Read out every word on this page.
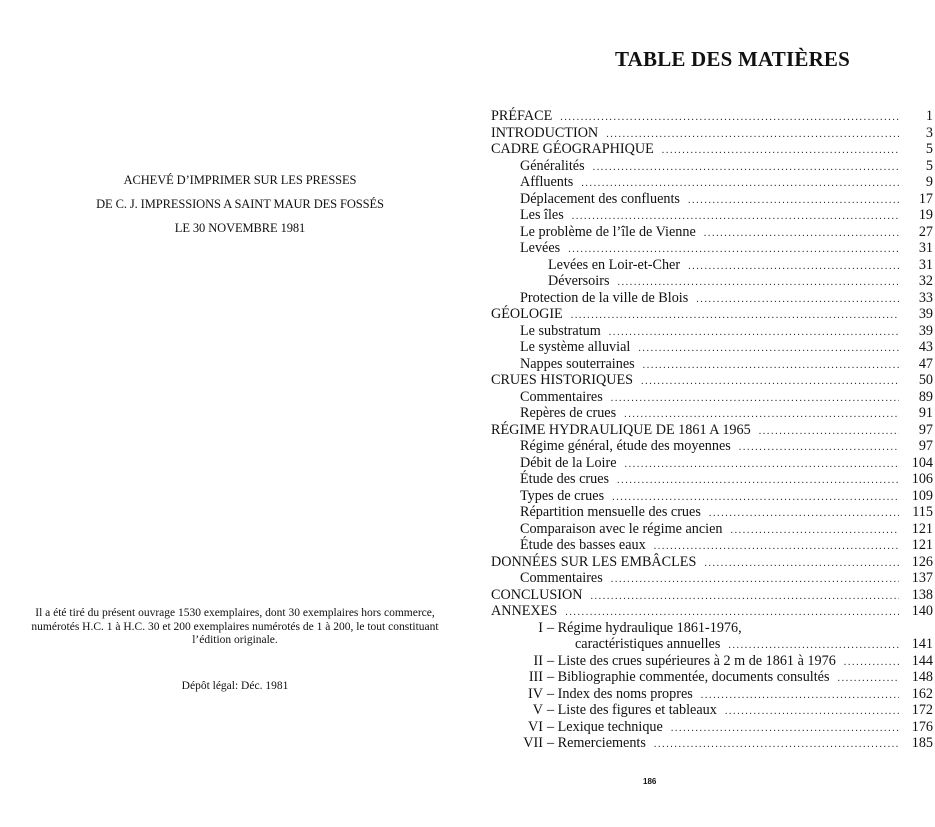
ACHEVÉ D’IMPRIMER SUR LES PRESSES
DE C. J. IMPRESSIONS A SAINT MAUR DES FOSSÉS
LE 30 NOVEMBRE 1981
Il a été tiré du présent ouvrage 1530 exemplaires, dont 30 exemplaires hors commerce,
numérotés H.C. 1 à H.C. 30 et 200 exemplaires numérotés de 1 à 200, le tout constituant
l’édition originale.
Dépôt légal: Déc. 1981
TABLE DES MATIÈRES
PRÉFACE .....	1
INTRODUCTION .....	3
CADRE GÉOGRAPHIQUE .....	5
Généralités .....	5
Affluents .....	9
Déplacement des confluents .....	17
Les îles .....	19
Le problème de l’île de Vienne .....	27
Levées .....	31
Levées en Loir-et-Cher .....	31
Déversoirs .....	32
Protection de la ville de Blois .....	33
GÉOLOGIE .....	39
Le substratum .....	39
Le système alluvial .....	43
Nappes souterraines .....	47
CRUES HISTORIQUES .....	50
Commentaires .....	89
Repères de crues .....	91
RÉGIME HYDRAULIQUE DE 1861 A 1965 .....	97
Régime général, étude des moyennes .....	97
Débit de la Loire .....	104
Étude des crues .....	106
Types de crues .....	109
Répartition mensuelle des crues .....	115
Comparaison avec le régime ancien .....	121
Étude des basses eaux .....	121
DONNÉES SUR LES EMBÂCLES .....	126
Commentaires .....	137
CONCLUSION .....	138
ANNEXES .....	140
I – Régime hydraulique 1861-1976,
caractéristiques annuelles .....	141
II – Liste des crues supérieures à 2 m de 1861 à 1976 .....	144
III – Bibliographie commentée, documents consultés .....	148
IV – Index des noms propres .....	162
V – Liste des figures et tableaux .....	172
VI – Lexique technique .....	176
VII – Remerciements .....	185
186
